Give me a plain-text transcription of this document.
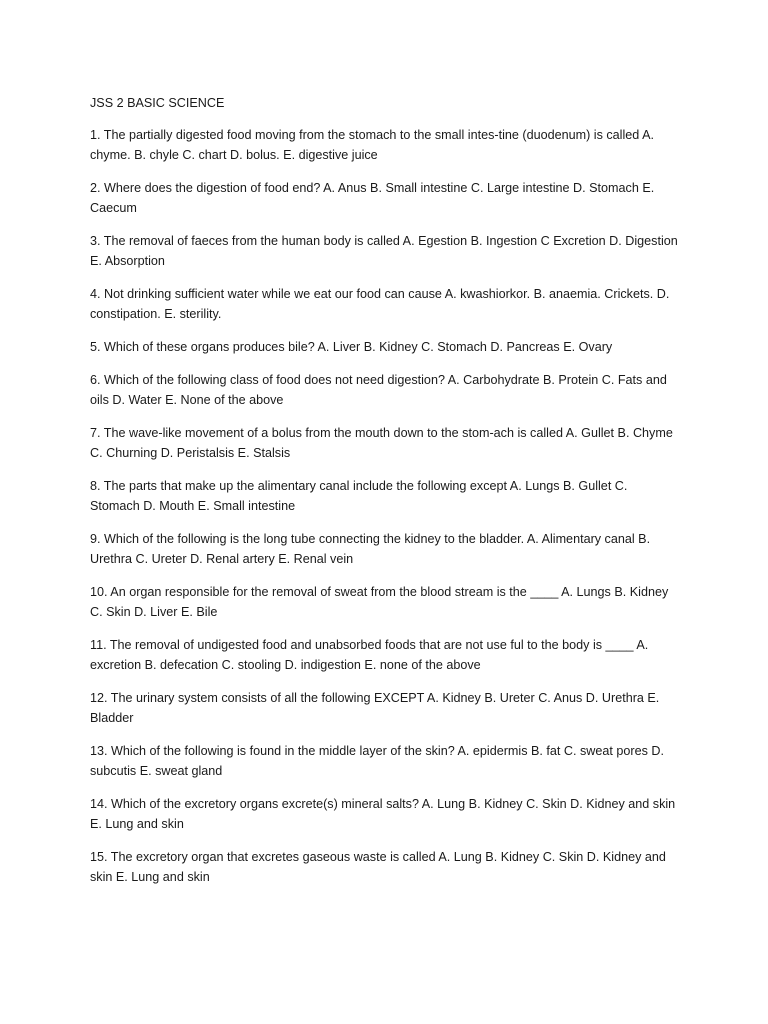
JSS 2 BASIC SCIENCE

1. The partially digested food moving from the stomach to the small intes-tine (duodenum) is called A. chyme. B. chyle C. chart D. bolus. E. digestive juice

2. Where does the digestion of food end? A. Anus B. Small intestine C. Large intestine D. Stomach E. Caecum

3. The removal of faeces from the human body is called A. Egestion B. Ingestion C Excretion D. Digestion E. Absorption

4. Not drinking sufficient water while we eat our food can cause A. kwashiorkor. B. anaemia. Crickets. D. constipation. E. sterility.

5. Which of these organs produces bile? A. Liver B. Kidney C. Stomach D. Pancreas E. Ovary

6. Which of the following class of food does not need digestion? A. Carbohydrate B. Protein C. Fats and oils D. Water E. None of the above

7. The wave-like movement of a bolus from the mouth down to the stom-ach is called A. Gullet B. Chyme C. Churning D. Peristalsis E. Stalsis

8. The parts that make up the alimentary canal include the following except A. Lungs B. Gullet C. Stomach D. Mouth E. Small intestine

9. Which of the following is the long tube connecting the kidney to the bladder. A. Alimentary canal B. Urethra C. Ureter D. Renal artery E. Renal vein

10. An organ responsible for the removal of sweat from the blood stream is the ____ A. Lungs B. Kidney C. Skin D. Liver E. Bile

11. The removal of undigested food and unabsorbed foods that are not use ful to the body is ____ A. excretion B. defecation C. stooling D. indigestion E. none of the above

12. The urinary system consists of all the following EXCEPT A. Kidney B. Ureter C. Anus D. Urethra E. Bladder

13. Which of the following is found in the middle layer of the skin? A. epidermis B. fat C. sweat pores D. subcutis E. sweat gland

14. Which of the excretory organs excrete(s) mineral salts? A. Lung B. Kidney C. Skin D. Kidney and skin E. Lung and skin

15. The excretory organ that excretes gaseous waste is called A. Lung B. Kidney C. Skin D. Kidney and skin E. Lung and skin
